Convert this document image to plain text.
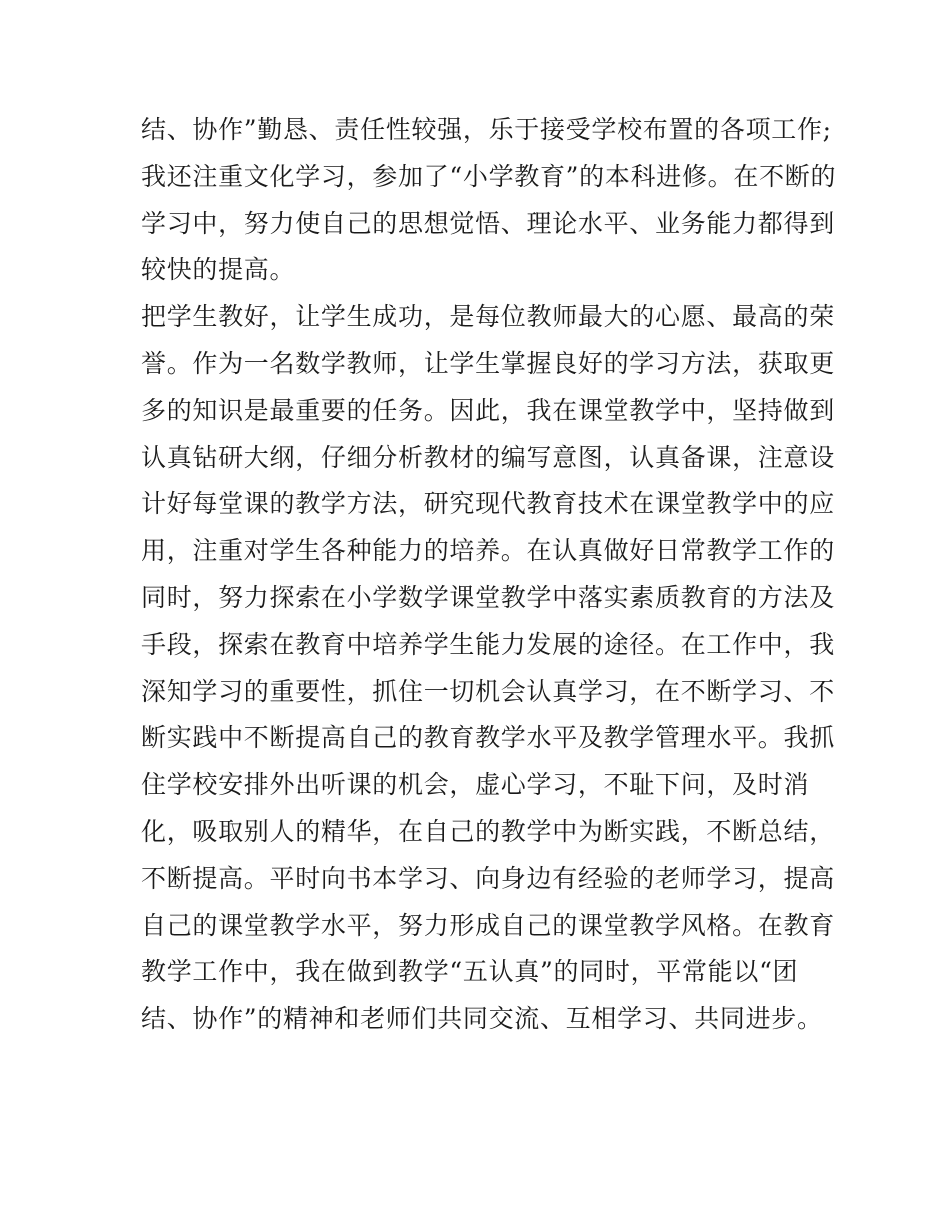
结、协作”勤恳、责任性较强，乐于接受学校布置的各项工作;
我还注重文化学习，参加了“小学教育”的本科进修。在不断的
学习中，努力使自己的思想觉悟、理论水平、业务能力都得到
较快的提高。
把学生教好，让学生成功，是每位教师最大的心愿、最高的荣
誉。作为一名数学教师，让学生掌握良好的学习方法，获取更
多的知识是最重要的任务。因此，我在课堂教学中，坚持做到
认真钻研大纲，仔细分析教材的编写意图，认真备课，注意设
计好每堂课的教学方法，研究现代教育技术在课堂教学中的应
用，注重对学生各种能力的培养。在认真做好日常教学工作的
同时，努力探索在小学数学课堂教学中落实素质教育的方法及
手段，探索在教育中培养学生能力发展的途径。在工作中，我
深知学习的重要性，抓住一切机会认真学习，在不断学习、不
断实践中不断提高自己的教育教学水平及教学管理水平。我抓
住学校安排外出听课的机会，虚心学习，不耻下问，及时消
化，吸取别人的精华，在自己的教学中为断实践，不断总结，
不断提高。平时向书本学习、向身边有经验的老师学习，提高
自己的课堂教学水平，努力形成自己的课堂教学风格。在教育
教学工作中，我在做到教学“五认真”的同时，平常能以“团
结、协作”的精神和老师们共同交流、互相学习、共同进步。
